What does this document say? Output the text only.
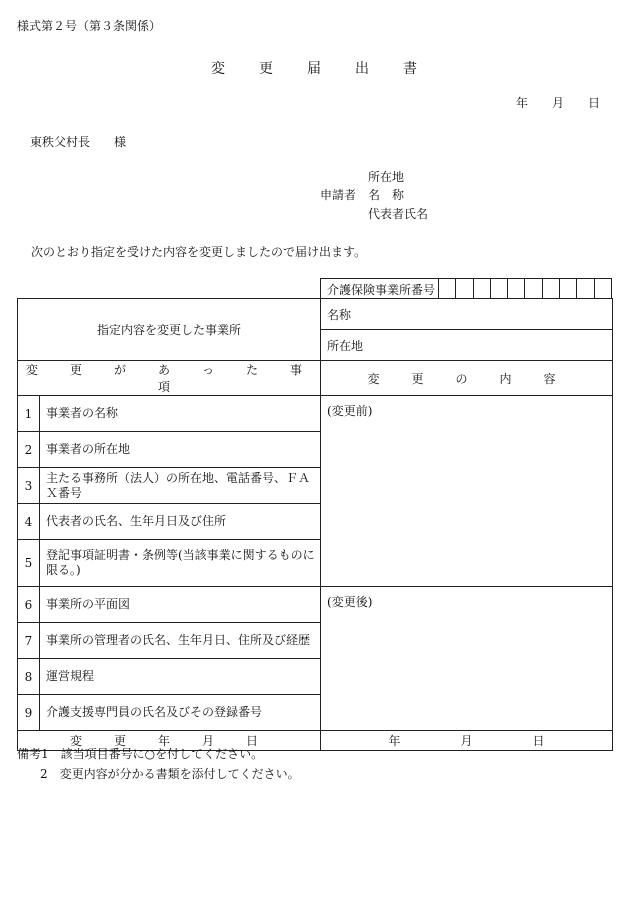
様式第２号（第３条関係）
変　　更　　届　　出　　書
年　　月　　日
東秩父村長　　様
所在地
申請者 名　称
代表者氏名
次のとおり指定を受けた内容を変更しましたので届け出ます。
介護保険事業所番号
指定内容を変更した事業所		名称
		所在地
変　更　が　あ　っ　た　事　項		変　更　の　内　容
1	事業者の名称	(変更前)
2	事業者の所在地	
3	主たる事務所（法人）の所在地、電話番号、ＦＡＸ番号	
4	代表者の氏名、生年月日及び住所	
5	登記事項証明書・条例等(当該事業に関するものに限る。)	
6	事業所の平面図	(変更後)
7	事業所の管理者の氏名、生年月日、住所及び経歴	
8	運営規程	
9	介護支援専門員の氏名及びその登録番号	
変　更　年　月　日		年　　　　　月　　　　　日
備考1　該当項目番号に○を付してください。
2　変更内容が分かる書類を添付してください。
